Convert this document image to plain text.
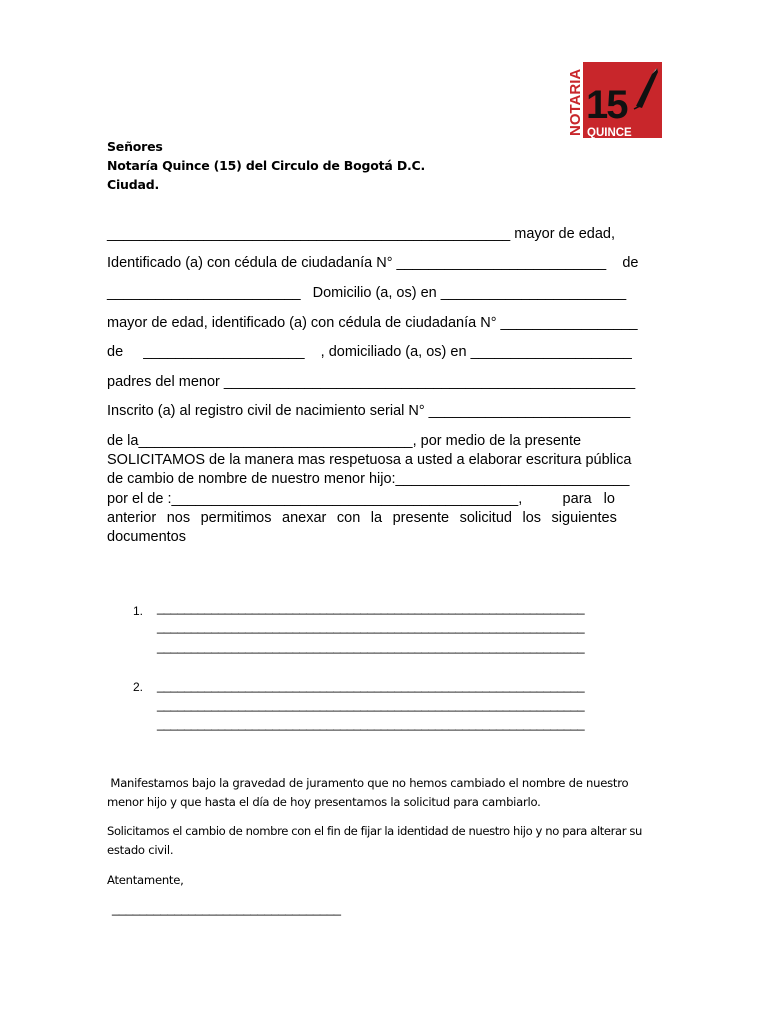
NOTARIA 15
QUINCE
Señores
Notaría Quince (15) del Circulo de Bogotá D.C.
Ciudad.
__________________________________________________ mayor de edad,
Identificado (a) con cédula de ciudadanía N° __________________________    de
________________________   Domicilio (a, os) en _______________________
mayor de edad, identificado (a) con cédula de ciudadanía N° _________________
de     ____________________    , domiciliado (a, os) en ____________________
padres del menor ___________________________________________________
Inscrito (a) al registro civil de nacimiento serial N° _________________________
de la__________________________________, por medio de la presente
SOLICITAMOS de la manera mas respetuosa a usted a elaborar escritura pública
de cambio de nombre de nuestro menor hijo:_____________________________
por el de :___________________________________________,          para   lo
anterior nos permitimos anexar con la presente solicitud los siguientes
documentos
1. _______________________________________________________________
_______________________________________________________________
_______________________________________________________________
2. _______________________________________________________________
_______________________________________________________________
_______________________________________________________________
Manifestamos bajo la gravedad de juramento que no hemos cambiado el nombre de nuestro
menor hijo y que hasta el día de hoy presentamos la solicitud para cambiarlo.
Solicitamos el cambio de nombre con el fin de fijar la identidad de nuestro hijo y no para alterar su
estado civil.
Atentamente,
_________________________________
